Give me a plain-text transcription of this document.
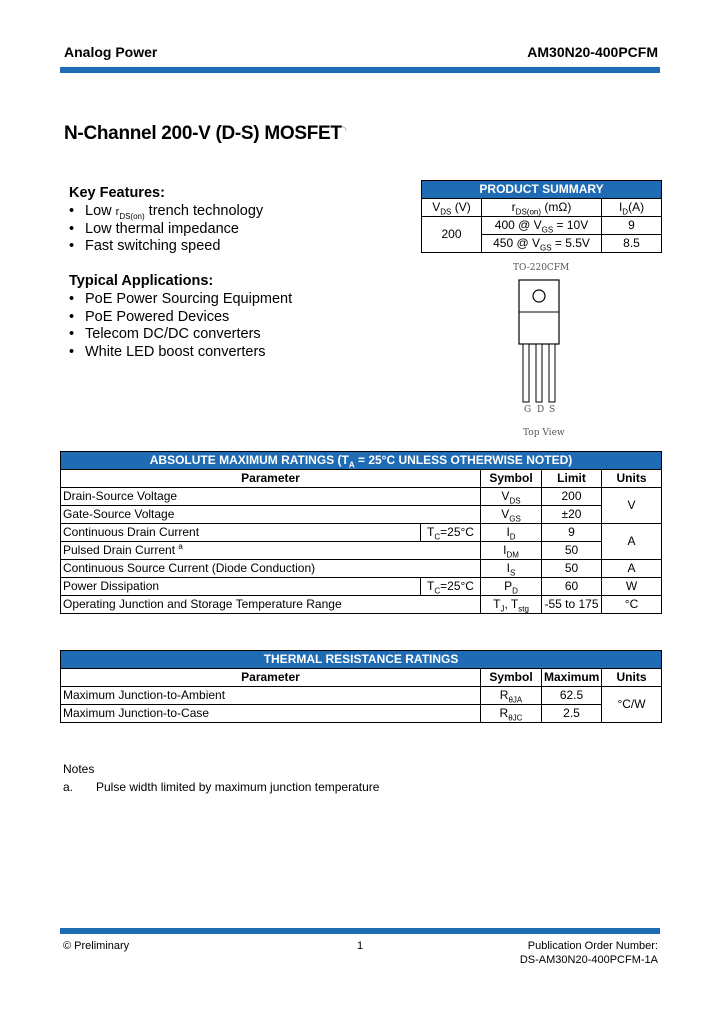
Analog Power	AM30N20-400PCFM
N-Channel 200-V (D-S) MOSFET◝
Key Features:
• Low $r_{DS(on)}$ trench technology
• Low thermal impedance
• Fast switching speed
Typical Applications:
• PoE Power Sourcing Equipment
• PoE Powered Devices
• Telecom DC/DC converters
• White LED boost converters
PRODUCT SUMMARY		
$V_{DS}$ (V)	$r_{DS(on)}$ (mΩ)	$I_D(A)$
200	400 @ $V_{GS} = 10V$	9
	450 @ $V_{GS} = 5.5V$	8.5
TO-220CFM
G D S
Top View
ABSOLUTE MAXIMUM RATINGS ($T_A = 25^\circ C$ UNLESS OTHERWISE NOTED)				
Parameter		Symbol	Limit	Units
Drain-Source Voltage		$V_{DS}$	200	V
Gate-Source Voltage		$V_{GS}$	±20	
Continuous Drain Current	$T_C=25^\circ C$	$I_D$	9	A
Pulsed Drain Current $^a$		$I_{DM}$	50	
Continuous Source Current (Diode Conduction)		$I_S$	50	A
Power Dissipation	$T_C=25^\circ C$	$P_D$	60	W
Operating Junction and Storage Temperature Range		$T_J$, $T_{stg}$	-55 to 175	°C
THERMAL RESISTANCE RATINGS			
Parameter	Symbol	Maximum	Units
Maximum Junction-to-Ambient	$R_{\theta JA}$	62.5	°C/W
Maximum Junction-to-Case	$R_{\theta JC}$	2.5	
Notes
a. Pulse width limited by maximum junction temperature
© Preliminary	1	Publication Order Number:
DS-AM30N20-400PCFM-1A
